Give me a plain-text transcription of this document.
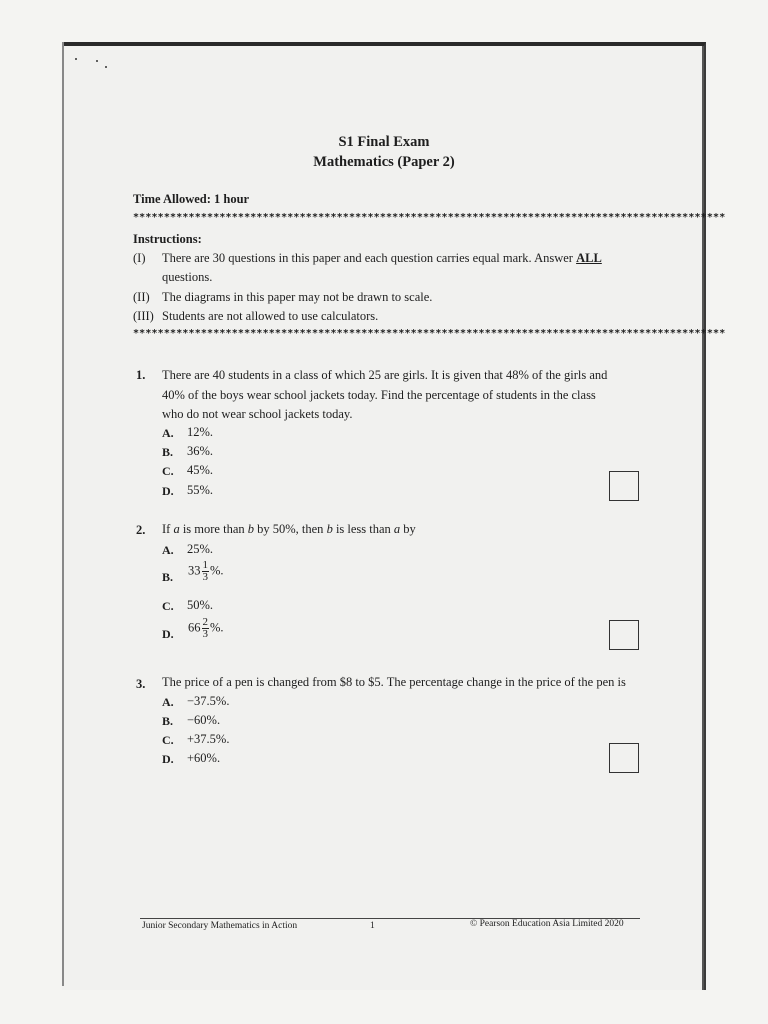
S1 Final Exam
Mathematics (Paper 2)
Time Allowed: 1 hour
************************************************************************************************
Instructions:
(I) There are 30 questions in this paper and each question carries equal mark. Answer ALL
questions.
(II) The diagrams in this paper may not be drawn to scale.
(III) Students are not allowed to use calculators.
************************************************************************************************
1. There are 40 students in a class of which 25 are girls. It is given that 48% of the girls and
40% of the boys wear school jackets today. Find the percentage of students in the class
who do not wear school jackets today.
A. 12%.
B. 36%.
C. 45%.
D. 55%.
2. If a is more than b by 50%, then b is less than a by
A. 25%.
B. $33 \frac{1}{3}$ %.
C. 50%.
D. $66 \frac{2}{3}$ %.
3. The price of a pen is changed from $8 to $5. The percentage change in the price of the pen is
A. −37.5%.
B. −60%.
C. +37.5%.
D. +60%.
Junior Secondary Mathematics in Action	1	© Pearson Education Asia Limited 2020
